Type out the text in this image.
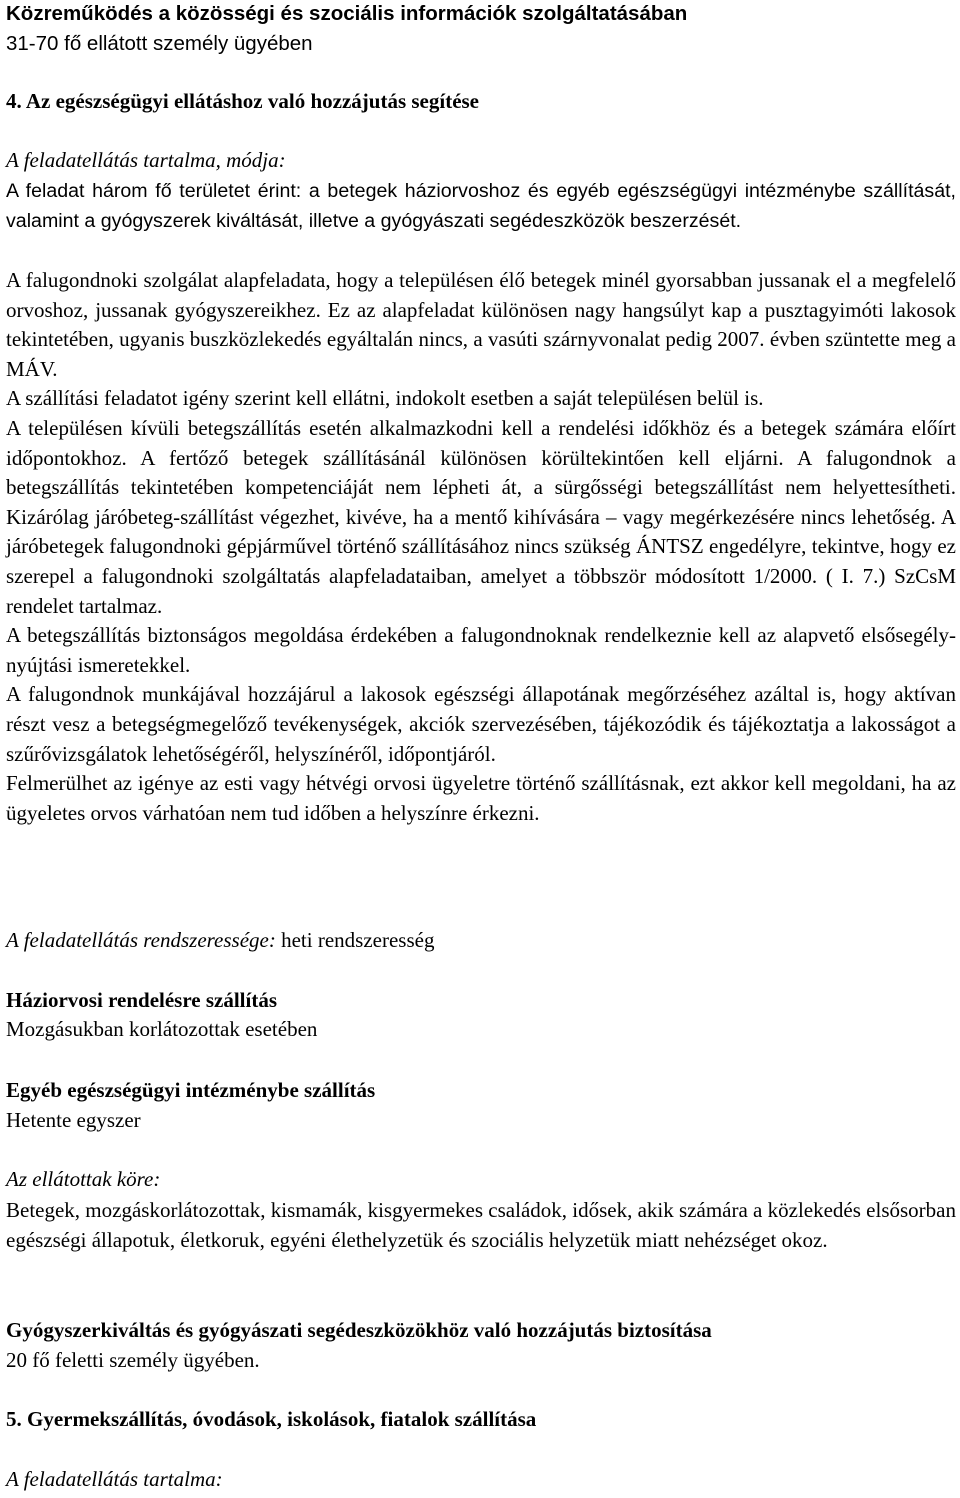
Közreműködés a közösségi és szociális információk szolgáltatásában
31-70 fő ellátott személy ügyében
4. Az egészségügyi ellátáshoz való hozzájutás segítése
A feladatellátás tartalma, módja:

A feladat három fő területet érint: a betegek háziorvoshoz és egyéb egészségügyi intézménybe szállítását, valamint a gyógyszerek kiváltását, illetve a gyógyászati segédeszközök beszerzését.

A falugondnoki szolgálat alapfeladata, hogy a településen élő betegek minél gyorsabban jussanak el a megfelelő orvoshoz, jussanak gyógyszereikhez. Ez az alapfeladat különösen nagy hangsúlyt kap a pusztagyimóti lakosok tekintetében, ugyanis buszközlekedés egyáltalán nincs, a vasúti szárnyvonalat pedig 2007. évben szüntette meg a MÁV.

A szállítási feladatot igény szerint kell ellátni, indokolt esetben a saját településen belül is.

A településen kívüli betegszállítás esetén alkalmazkodni kell a rendelési időkhöz és a betegek számára előírt időpontokhoz. A fertőző betegek szállításánál különösen körültekintően kell eljárni. A falugondnok a betegszállítás tekintetében kompetenciáját nem lépheti át, a sürgősségi betegszállítást nem helyettesítheti. Kizárólag járóbeteg-szállítást végezhet, kivéve, ha a mentő kihívására – vagy megérkezésére nincs lehetőség. A járóbetegek falugondnoki gépjárművel történő szállításához nincs szükség ÁNTSZ engedélyre, tekintve, hogy ez szerepel a falugondnoki szolgáltatás alapfeladataiban, amelyet a többször módosított 1/2000. ( I. 7.) SzCsM rendelet tartalmaz.

A betegszállítás biztonságos megoldása érdekében a falugondnoknak rendelkeznie kell az alapvető elsősegély-nyújtási ismeretekkel.

A falugondnok munkájával hozzájárul a lakosok egészségi állapotának megőrzéséhez azáltal is, hogy aktívan részt vesz a betegségmegelőző tevékenységek, akciók szervezésében, tájékozódik és tájékoztatja a lakosságot a szűrővizsgálatok lehetőségéről, helyszínéről, időpontjáról.

Felmerülhet az igénye az esti vagy hétvégi orvosi ügyeletre történő szállításnak, ezt akkor kell megoldani, ha az ügyeletes orvos várhatóan nem tud időben a helyszínre érkezni.

A feladatellátás rendszeressége: heti rendszeresség
Háziorvosi rendelésre szállítás
Mozgásukban korlátozottak esetében
Egyéb egészségügyi intézménybe szállítás
Hetente egyszer
Az ellátottak köre:

Betegek, mozgáskorlátozottak, kismamák, kisgyermekes családok, idősek, akik számára a közlekedés elsősorban egészségi állapotuk, életkoruk, egyéni élethelyzetük és szociális helyzetük miatt nehézséget okoz.

Gyógyszerkiváltás és gyógyászati segédeszközökhöz való hozzájutás biztosítása
20 fő feletti személy ügyében.
5. Gyermekszállítás, óvodások, iskolások, fiatalok szállítása
A feladatellátás tartalma:
